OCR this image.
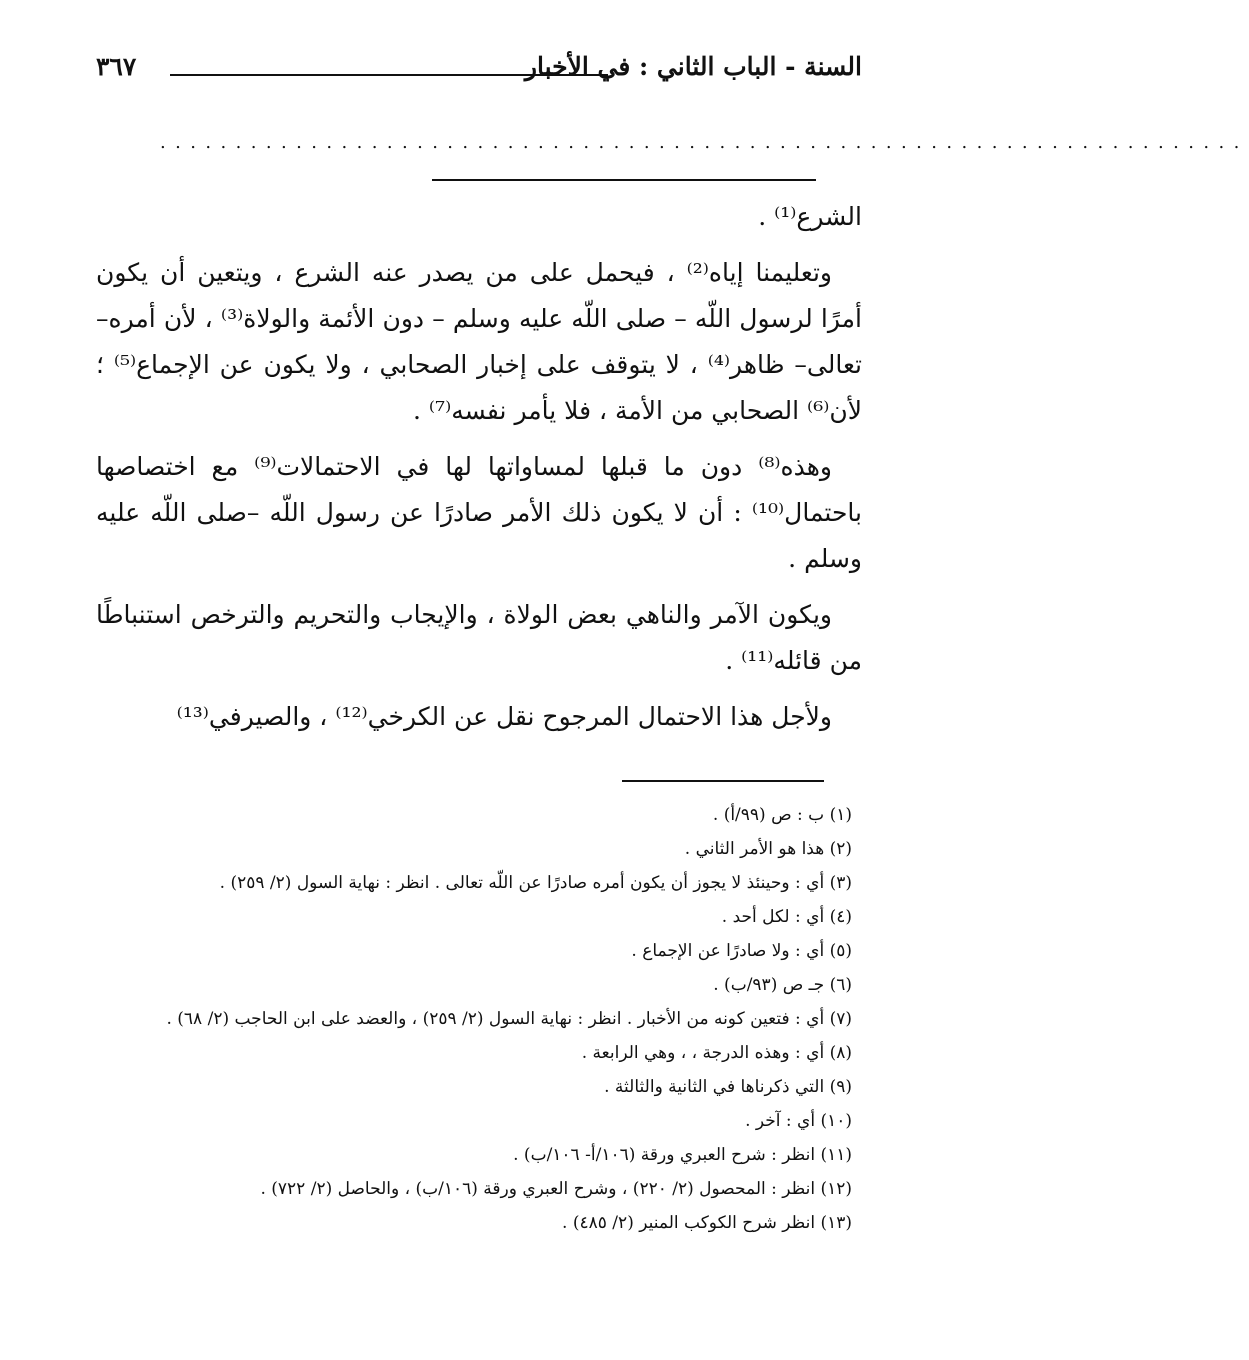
السنة - الباب الثاني : في الأخبار
٣٦٧
........................................................................

الشرع⁽¹⁾ .

وتعليمنا إياه⁽²⁾ ، فيحمل على من يصدر عنه الشرع ، ويتعين أن يكون أمرًا لرسول اللّه – صلى اللّه عليه وسلم – دون الأئمة والولاة⁽³⁾ ، لأن أمره– تعالى– ظاهر⁽⁴⁾ ، لا يتوقف على إخبار الصحابي ، ولا يكون عن الإجماع⁽⁵⁾ ؛ لأن⁽⁶⁾ الصحابي من الأمة ، فلا يأمر نفسه⁽⁷⁾ .

وهذه⁽⁸⁾ دون ما قبلها لمساواتها لها في الاحتمالات⁽⁹⁾ مع اختصاصها باحتمال⁽¹⁰⁾ : أن لا يكون ذلك الأمر صادرًا عن رسول اللّه –صلى اللّه عليه وسلم .

ويكون الآمر والناهي بعض الولاة ، والإيجاب والتحريم والترخص استنباطًا من قائله⁽¹¹⁾ .

ولأجل هذا الاحتمال المرجوح نقل عن الكرخي⁽¹²⁾ ، والصيرفي⁽¹³⁾

(١) ب : ص (٩٩/أ) .
(٢) هذا هو الأمر الثاني .
(٣) أي : وحينئذ لا يجوز أن يكون أمره صادرًا عن اللّه تعالى . انظر : نهاية السول (٢/ ٢٥٩) .
(٤) أي : لكل أحد .
(٥) أي : ولا صادرًا عن الإجماع .
(٦) جـ ص (٩٣/ب) .
(٧) أي : فتعين كونه من الأخبار . انظر : نهاية السول (٢/ ٢٥٩) ، والعضد على ابن الحاجب (٢/ ٦٨) .
(٨) أي : وهذه الدرجة ، ، وهي الرابعة .
(٩) التي ذكرناها في الثانية والثالثة .
(١٠) أي : آخر .
(١١) انظر : شرح العبري ورقة (١٠٦/أ- ١٠٦/ب) .
(١٢) انظر : المحصول (٢/ ٢٢٠) ، وشرح العبري ورقة (١٠٦/ب) ، والحاصل (٢/ ٧٢٢) .
(١٣) انظر شرح الكوكب المنير (٢/ ٤٨٥) .
